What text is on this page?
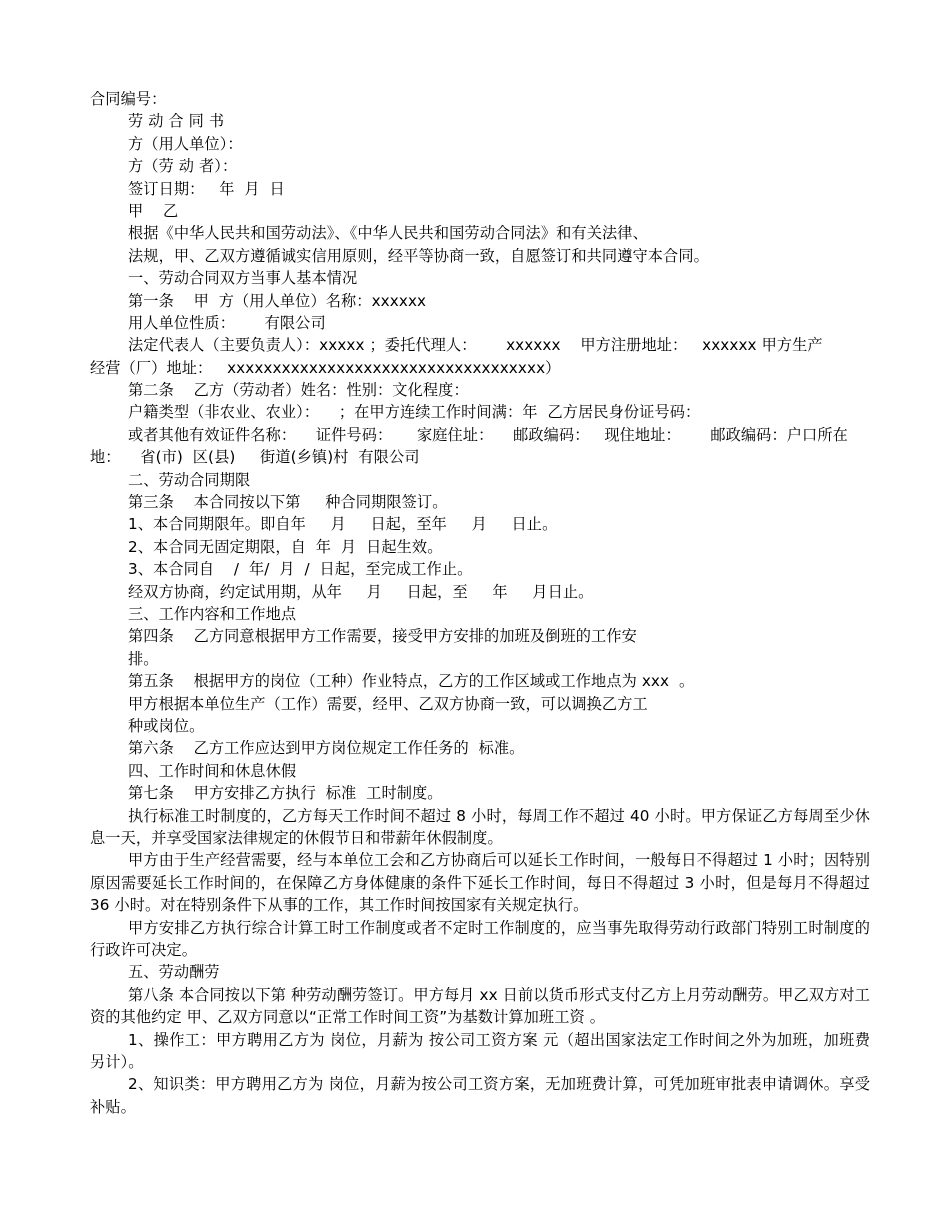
合同编号：
劳 动 合 同 书
方（用人单位）：
方（劳 动 者）：
签订日期：   年  月  日
甲    乙
根据《中华人民共和国劳动法》、《中华人民共和国劳动合同法》和有关法律、
法规，甲、乙双方遵循诚实信用原则，经平等协商一致，自愿签订和共同遵守本合同。
一、劳动合同双方当事人基本情况
第一条    甲  方（用人单位）名称：xxxxxx
用人单位性质：      有限公司
法定代表人（主要负责人）：xxxxx ；委托代理人：      xxxxxx    甲方注册地址：   xxxxxx 甲方生产
经营（厂）地址：   xxxxxxxxxxxxxxxxxxxxxxxxxxxxxxxxxxx）
第二条    乙方（劳动者）姓名：性别：文化程度：
户籍类型（非农业、农业）：    ；在甲方连续工作时间满：年  乙方居民身份证号码：
或者其他有效证件名称：    证件号码：     家庭住址：    邮政编码：   现住地址：      邮政编码：户口所在
地：    省(市)  区(县)     街道(乡镇)村  有限公司
二、劳动合同期限
第三条    本合同按以下第     种合同期限签订。
1、本合同期限年。即自年     月     日起，至年     月     日止。
2、本合同无固定期限，自  年  月  日起生效。
3、本合同自    /  年/  月  /  日起，至完成工作止。
经双方协商，约定试用期，从年     月     日起，至     年     月日止。
三、工作内容和工作地点
第四条    乙方同意根据甲方工作需要，接受甲方安排的加班及倒班的工作安
排。
第五条    根据甲方的岗位（工种）作业特点，乙方的工作区域或工作地点为 xxx  。
甲方根据本单位生产（工作）需要，经甲、乙双方协商一致，可以调换乙方工
种或岗位。
第六条    乙方工作应达到甲方岗位规定工作任务的  标准。
四、工作时间和休息休假
第七条    甲方安排乙方执行  标准  工时制度。
执行标准工时制度的，乙方每天工作时间不超过 8 小时，每周工作不超过 40 小时。甲方保证乙方每周至少休息一天，并享受国家法律规定的休假节日和带薪年休假制度。
甲方由于生产经营需要，经与本单位工会和乙方协商后可以延长工作时间，一般每日不得超过 1 小时；因特别原因需要延长工作时间的，在保障乙方身体健康的条件下延长工作时间，每日不得超过 3 小时，但是每月不得超过 36 小时。对在特别条件下从事的工作，其工作时间按国家有关规定执行。
甲方安排乙方执行综合计算工时工作制度或者不定时工作制度的，应当事先取得劳动行政部门特别工时制度的行政许可决定。
五、劳动酬劳
第八条 本合同按以下第 种劳动酬劳签订。甲方每月 xx 日前以货币形式支付乙方上月劳动酬劳。甲乙双方对工资的其他约定 甲、乙双方同意以“正常工作时间工资”为基数计算加班工资 。
1、操作工：甲方聘用乙方为 岗位，月薪为 按公司工资方案 元（超出国家法定工作时间之外为加班，加班费另计）。
2、知识类：甲方聘用乙方为 岗位，月薪为按公司工资方案，无加班费计算，可凭加班审批表申请调休。享受补贴。
